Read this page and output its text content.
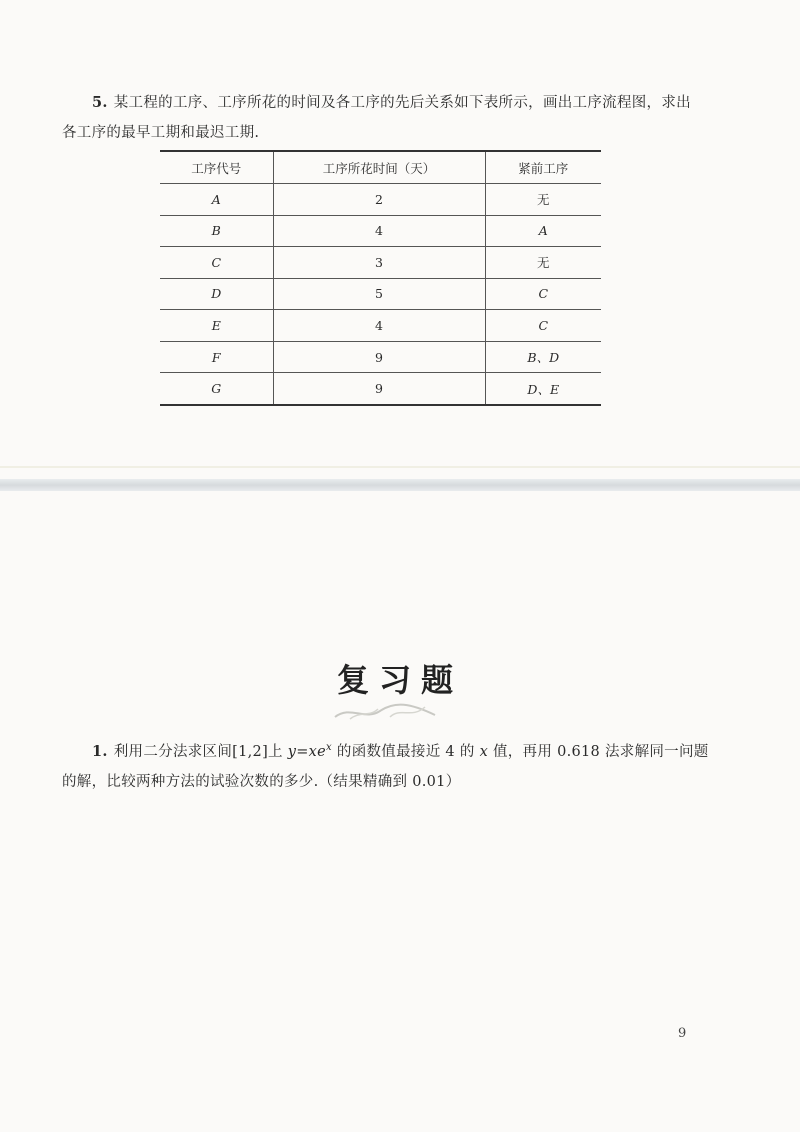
5. 某工程的工序、工序所花的时间及各工序的先后关系如下表所示，画出工序流程图，求出各工序的最早工期和最迟工期.
工序代号	工序所花时间（天）	紧前工序
A	2	无
B	4	A
C	3	无
D	5	C
E	4	C
F	9	B、D
G	9	D、E
复习题
1. 利用二分法求区间[1,2]上 $y=xe^x$ 的函数值最接近 4 的 x 值，再用 0.618 法求解同一问题的解，比较两种方法的试验次数的多少.（结果精确到 0.01）
9
